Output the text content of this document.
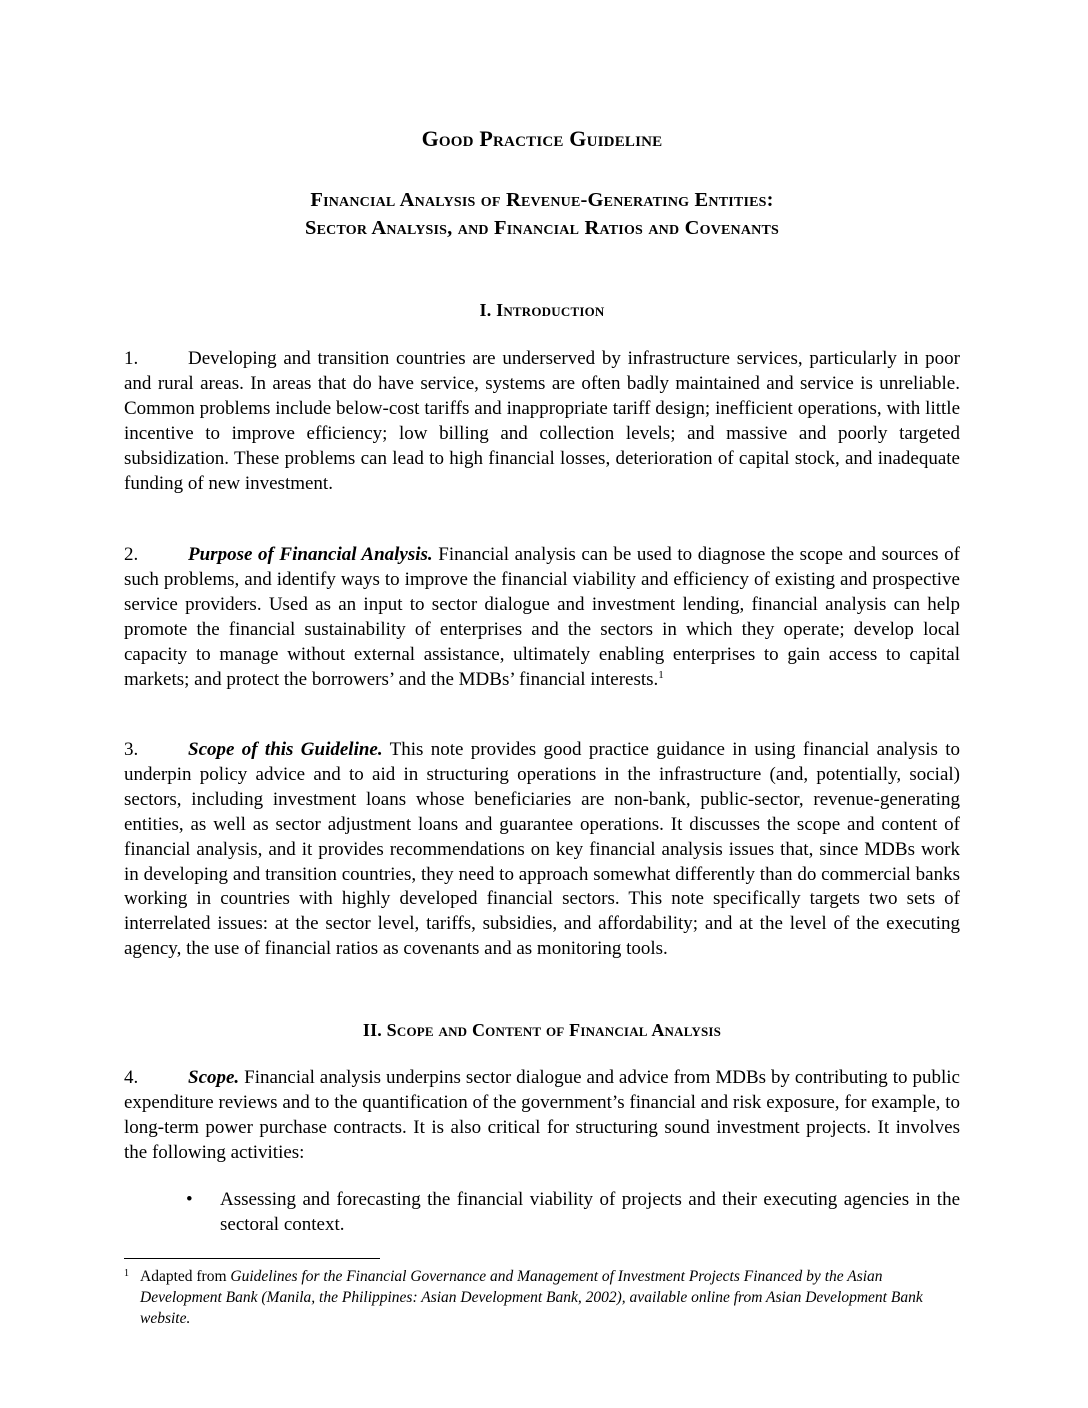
Good Practice Guideline
Financial Analysis of Revenue-Generating Entities:
Sector Analysis, and Financial Ratios and Covenants
I. Introduction

1.	Developing and transition countries are underserved by infrastructure services, particularly in poor and rural areas. In areas that do have service, systems are often badly maintained and service is unreliable. Common problems include below-cost tariffs and inappropriate tariff design; inefficient operations, with little incentive to improve efficiency; low billing and collection levels; and massive and poorly targeted subsidization. These problems can lead to high financial losses, deterioration of capital stock, and inadequate funding of new investment.

2.	Purpose of Financial Analysis. Financial analysis can be used to diagnose the scope and sources of such problems, and identify ways to improve the financial viability and efficiency of existing and prospective service providers. Used as an input to sector dialogue and investment lending, financial analysis can help promote the financial sustainability of enterprises and the sectors in which they operate; develop local capacity to manage without external assistance, ultimately enabling enterprises to gain access to capital markets; and protect the borrowers’ and the MDBs’ financial interests.$^1$

3.	Scope of this Guideline. This note provides good practice guidance in using financial analysis to underpin policy advice and to aid in structuring operations in the infrastructure (and, potentially, social) sectors, including investment loans whose beneficiaries are non-bank, public-sector, revenue-generating entities, as well as sector adjustment loans and guarantee operations. It discusses the scope and content of financial analysis, and it provides recommendations on key financial analysis issues that, since MDBs work in developing and transition countries, they need to approach somewhat differently than do commercial banks working in countries with highly developed financial sectors. This note specifically targets two sets of interrelated issues: at the sector level, tariffs, subsidies, and affordability; and at the level of the executing agency, the use of financial ratios as covenants and as monitoring tools.

II. Scope and Content of Financial Analysis

4.	Scope. Financial analysis underpins sector dialogue and advice from MDBs by contributing to public expenditure reviews and to the quantification of the government’s financial and risk exposure, for example, to long-term power purchase contracts. It is also critical for structuring sound investment projects. It involves the following activities:

• Assessing and forecasting the financial viability of projects and their executing agencies in the sectoral context.
1 Adapted from Guidelines for the Financial Governance and Management of Investment Projects Financed by the Asian Development Bank (Manila, the Philippines: Asian Development Bank, 2002), available online from Asian Development Bank website.
